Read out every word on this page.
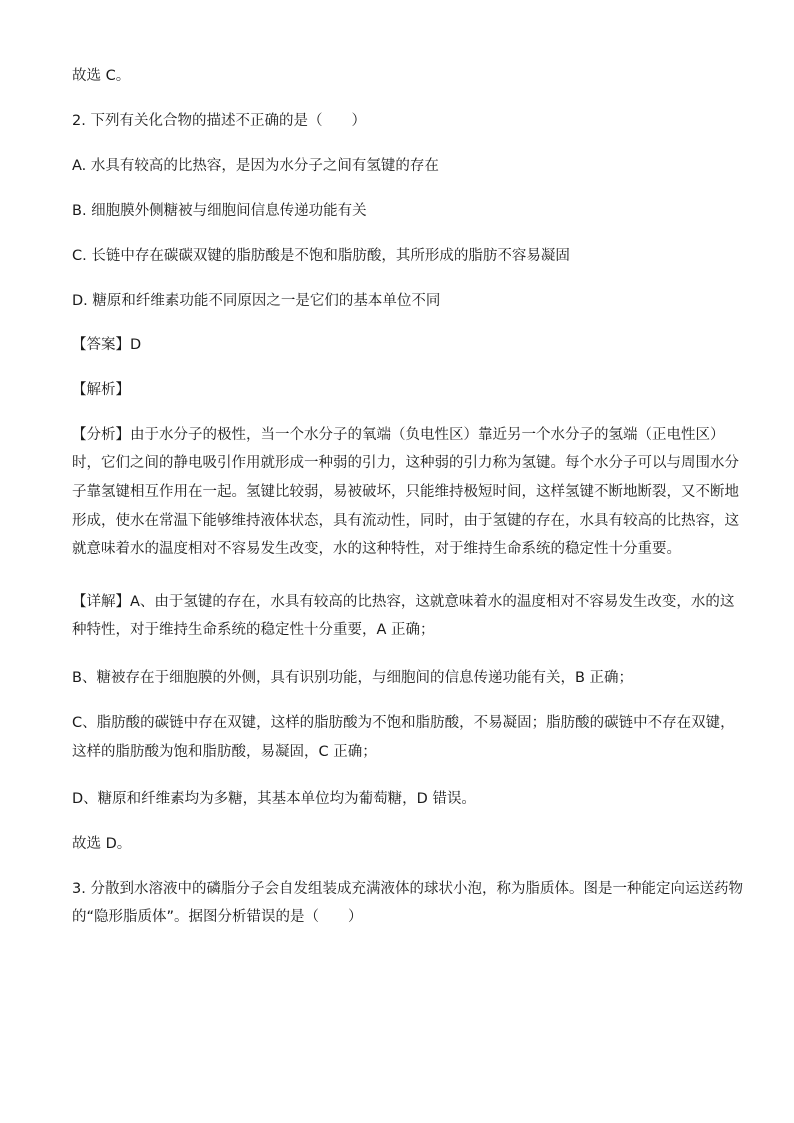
故选 C。
2. 下列有关化合物的描述不正确的是（　　）
A. 水具有较高的比热容，是因为水分子之间有氢键的存在
B. 细胞膜外侧糖被与细胞间信息传递功能有关
C. 长链中存在碳碳双键的脂肪酸是不饱和脂肪酸，其所形成的脂肪不容易凝固
D. 糖原和纤维素功能不同原因之一是它们的基本单位不同
【答案】D
【解析】
【分析】由于水分子的极性，当一个水分子的氧端（负电性区）靠近另一个水分子的氢端（正电性区）
时，它们之间的静电吸引作用就形成一种弱的引力，这种弱的引力称为氢键。每个水分子可以与周围水分
子靠氢键相互作用在一起。氢键比较弱，易被破坏，只能维持极短时间，这样氢键不断地断裂，又不断地
形成，使水在常温下能够维持液体状态，具有流动性，同时，由于氢键的存在，水具有较高的比热容，这
就意味着水的温度相对不容易发生改变，水的这种特性，对于维持生命系统的稳定性十分重要。
【详解】A、由于氢键的存在，水具有较高的比热容，这就意味着水的温度相对不容易发生改变，水的这
种特性，对于维持生命系统的稳定性十分重要，A 正确；
B、糖被存在于细胞膜的外侧，具有识别功能，与细胞间的信息传递功能有关，B 正确；
C、脂肪酸的碳链中存在双键，这样的脂肪酸为不饱和脂肪酸，不易凝固；脂肪酸的碳链中不存在双键，
这样的脂肪酸为饱和脂肪酸，易凝固，C 正确；
D、糖原和纤维素均为多糖，其基本单位均为葡萄糖，D 错误。
故选 D。
3. 分散到水溶液中的磷脂分子会自发组装成充满液体的球状小泡，称为脂质体。图是一种能定向运送药物
的“隐形脂质体”。据图分析错误的是（　　）
